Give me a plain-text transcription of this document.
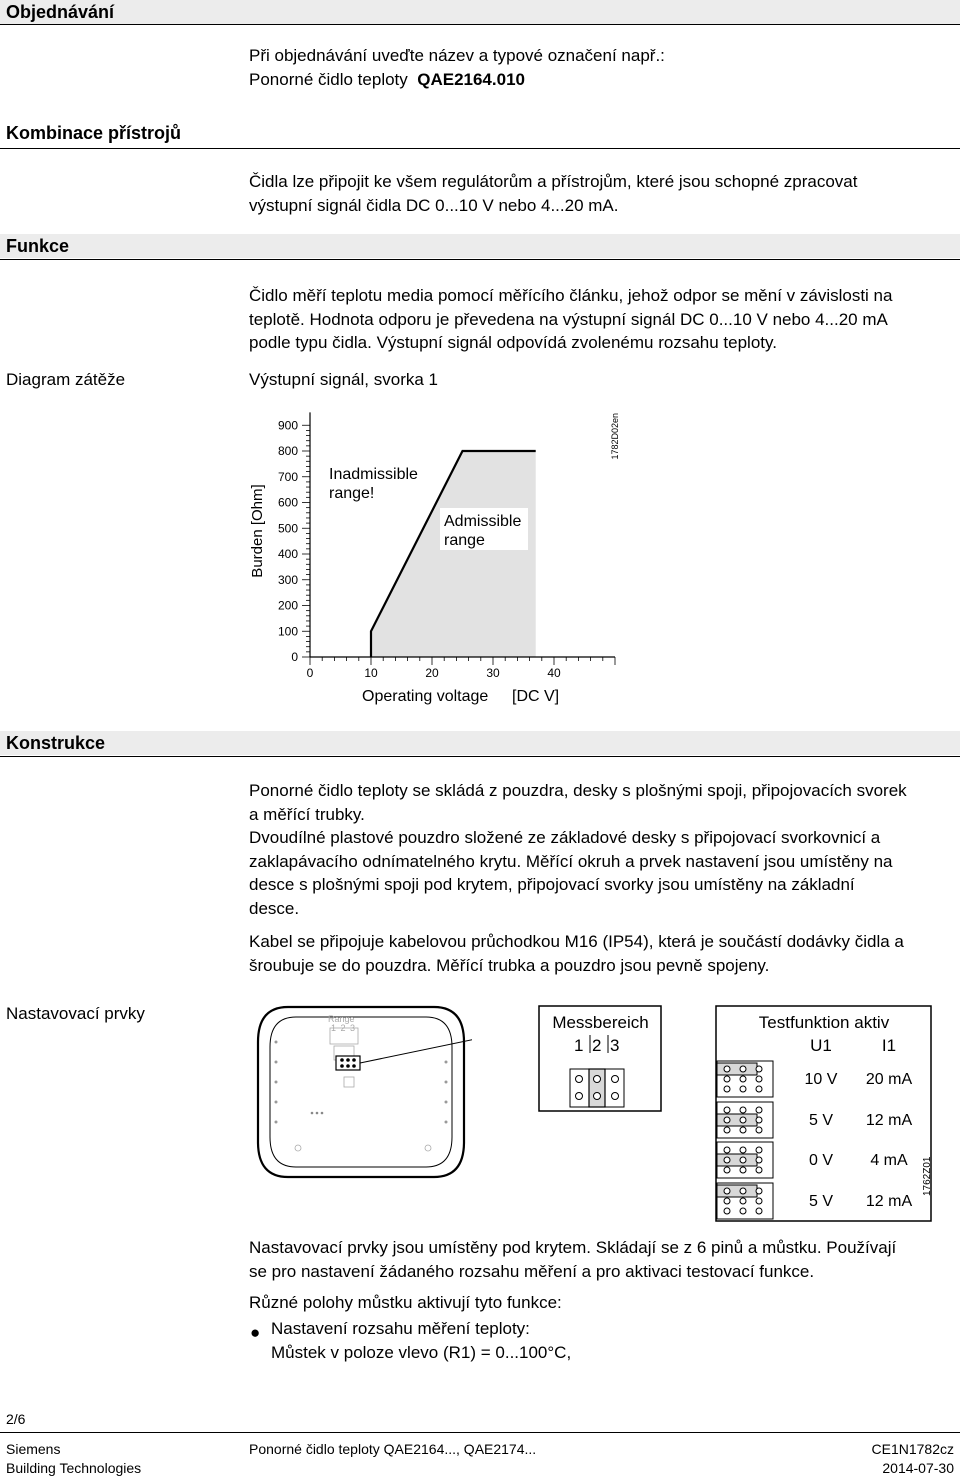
Objednávání

Při objednávání uveďte název a typové označení např.:

Ponorné čidlo teploty QAE2164.010

Kombinace přístrojů

Čidla lze připojit ke všem regulátorům a přístrojům, které jsou schopné zpracovat

výstupní signál čidla DC 0...10 V nebo 4...20 mA.

Funkce

Čidlo měří teplotu media pomocí měřícího článku, jehož odpor se mění v závislosti na

teplotě. Hodnota odporu je převedena na výstupní signál DC 0...10 V nebo 4...20 mA

podle typu čidla. Výstupní signál odpovídá zvolenému rozsahu teploty.

Diagram zátěže	Výstupní signál, svorka 1
0
100
200
300
400
500
600
700
800
900
0	10	20	30	40
Burden [Ohm]
Operating voltage [DC V]
Inadmissible
range!
Admissible
range
1782D02en
Konstrukce

Ponorné čidlo teploty se skládá z pouzdra, desky s plošnými spoji, připojovacích svorek

a měřící trubky.

Dvoudílné plastové pouzdro složené ze základové desky s připojovací svorkovnicí a

zaklapávacího odnímatelného krytu. Měřící okruh a prvek nastavení jsou umístěny na

desce s plošnými spoji pod krytem, připojovací svorky jsou umístěny na základní

desce.

Kabel se připojuje kabelovou průchodkou M16 (IP54), která je součástí dodávky čidla a

šroubuje se do pouzdra. Měřící trubka a pouzdro jsou pevně spojeny.

Nastavovací prvky	Range
1 2 3	Messbereich
1 2 3
Testfunktion aktiv
U1	I1
10 V	20 mA
5 V	12 mA
0 V	4 mA
5 V	12 mA
1762Z01

Nastavovací prvky jsou umístěny pod krytem. Skládají se z 6 pinů a můstku. Používají

se pro nastavení žádaného rozsahu měření a pro aktivaci testovací funkce.

Různé polohy můstku aktivují tyto funkce:

● Nastavení rozsahu měření teploty:
Můstek v poloze vlevo (R1) = 0...100°C,
2/6
Siemens
Building Technologies
Ponorné čidlo teploty QAE2164..., QAE2174...	CE1N1782cz
2014-07-30
